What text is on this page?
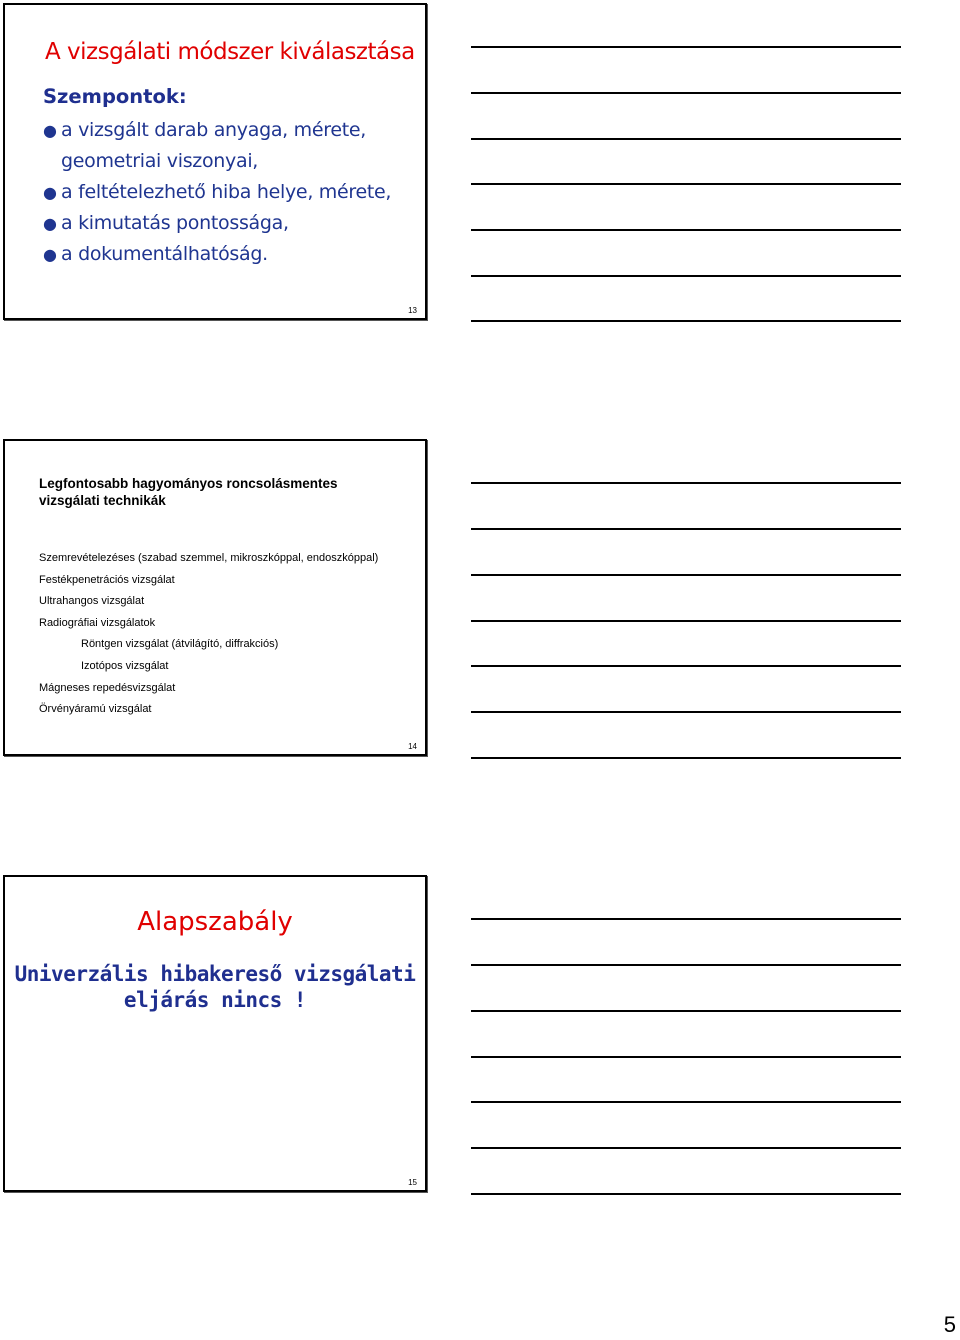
A vizsgálati módszer kiválasztása
Szempontok:
● a vizsgált darab anyaga, mérete,
geometriai viszonyai,
● a feltételezhető hiba helye, mérete,
● a kimutatás pontossága,
● a dokumentálhatóság.
13
Legfontosabb hagyományos roncsolásmentes
vizsgálati technikák
Szemrevételezéses (szabad szemmel, mikroszkóppal, endoszkóppal)
Festékpenetrációs vizsgálat
Ultrahangos vizsgálat
Radiográfiai vizsgálatok
Röntgen vizsgálat (átvilágító, diffrakciós)
Izotópos vizsgálat
Mágneses repedésvizsgálat
Örvényáramú vizsgálat
14
Alapszabály

Univerzális hibakereső vizsgálati
eljárás nincs !

15
5
